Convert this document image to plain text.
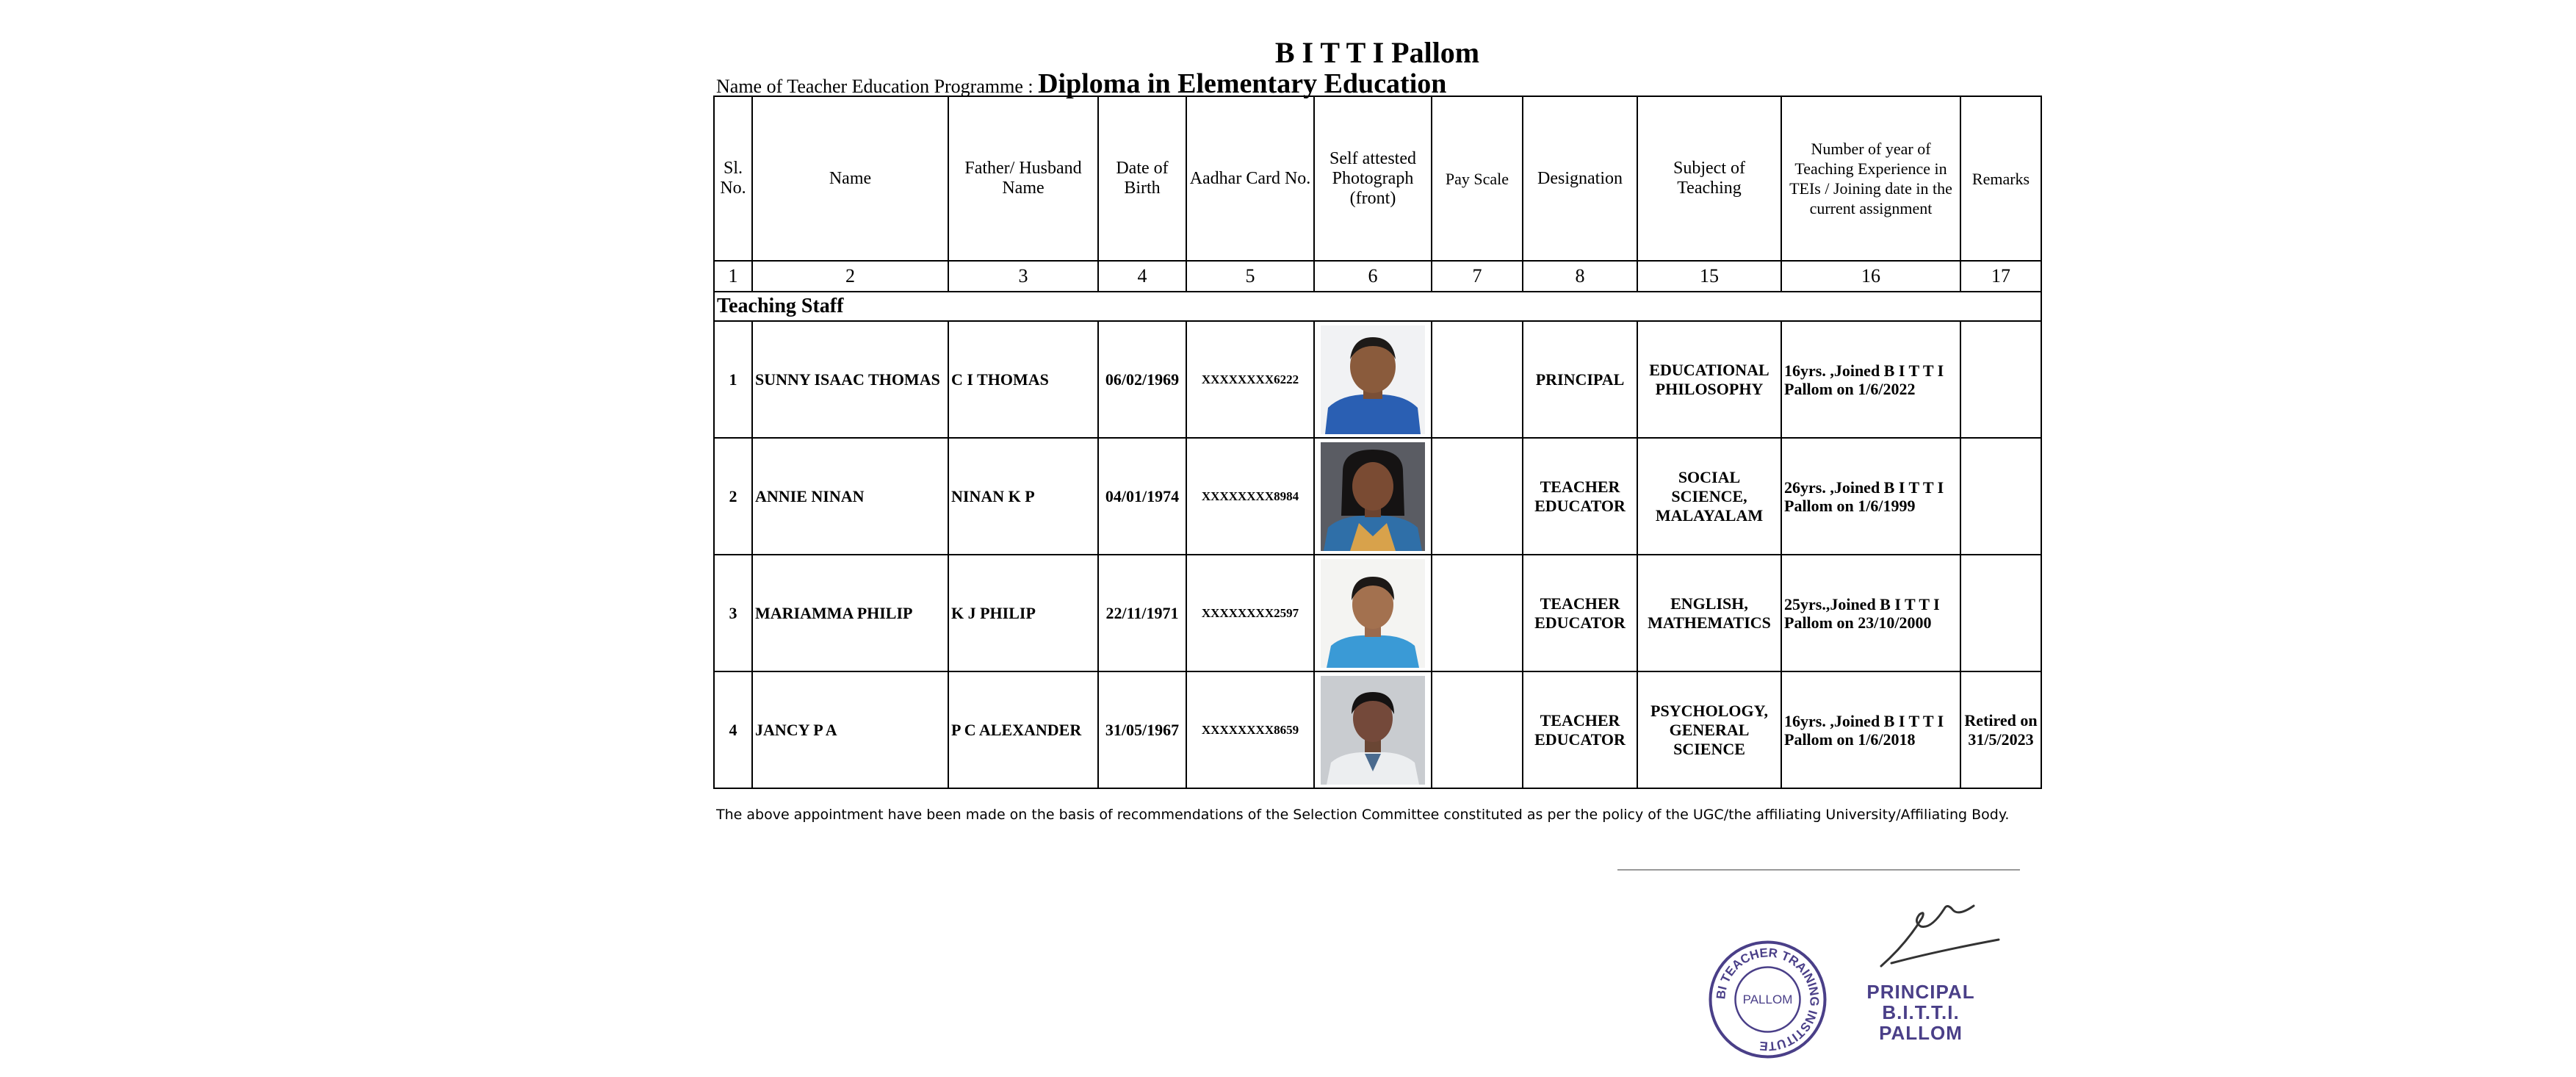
B I T T I Pallom
Name of Teacher Education Programme : Diploma in Elementary Education
Sl. No.	Name	Father/ Husband Name	Date of Birth	Aadhar Card No.	Self attested Photograph (front)	Pay Scale	Designation	Subject of Teaching	Number of year of Teaching Experience in TEIs / Joining date in the current assignment	Remarks
1	2	3	4	5	6	7	8	15	16	17
Teaching Staff										
1	SUNNY ISAAC THOMAS	C I THOMAS	06/02/1969	XXXXXXXX6222			PRINCIPAL	EDUCATIONAL PHILOSOPHY	16yrs. ,Joined B I T T I Pallom on 1/6/2022	
2	ANNIE NINAN	NINAN K P	04/01/1974	XXXXXXXX8984			TEACHER EDUCATOR	SOCIAL SCIENCE, MALAYALAM	26yrs. ,Joined B I T T I Pallom on 1/6/1999	
3	MARIAMMA PHILIP	K J PHILIP	22/11/1971	XXXXXXXX2597			TEACHER EDUCATOR	ENGLISH, MATHEMATICS	25yrs.,Joined B I T T I Pallom on 23/10/2000	
4	JANCY P A	P C ALEXANDER	31/05/1967	XXXXXXXX8659			TEACHER EDUCATOR	PSYCHOLOGY, GENERAL SCIENCE	16yrs. ,Joined B I T T I Pallom on 1/6/2018	Retired on 31/5/2023
The above appointment have been made on the basis of recommendations of the Selection Committee constituted as per the policy of the UGC/the affiliating University/Affiliating Body.
BI TEACHER TRAINING INSTITUTE
PALLOM	PRINCIPAL
B.I.T.T.I.
PALLOM
